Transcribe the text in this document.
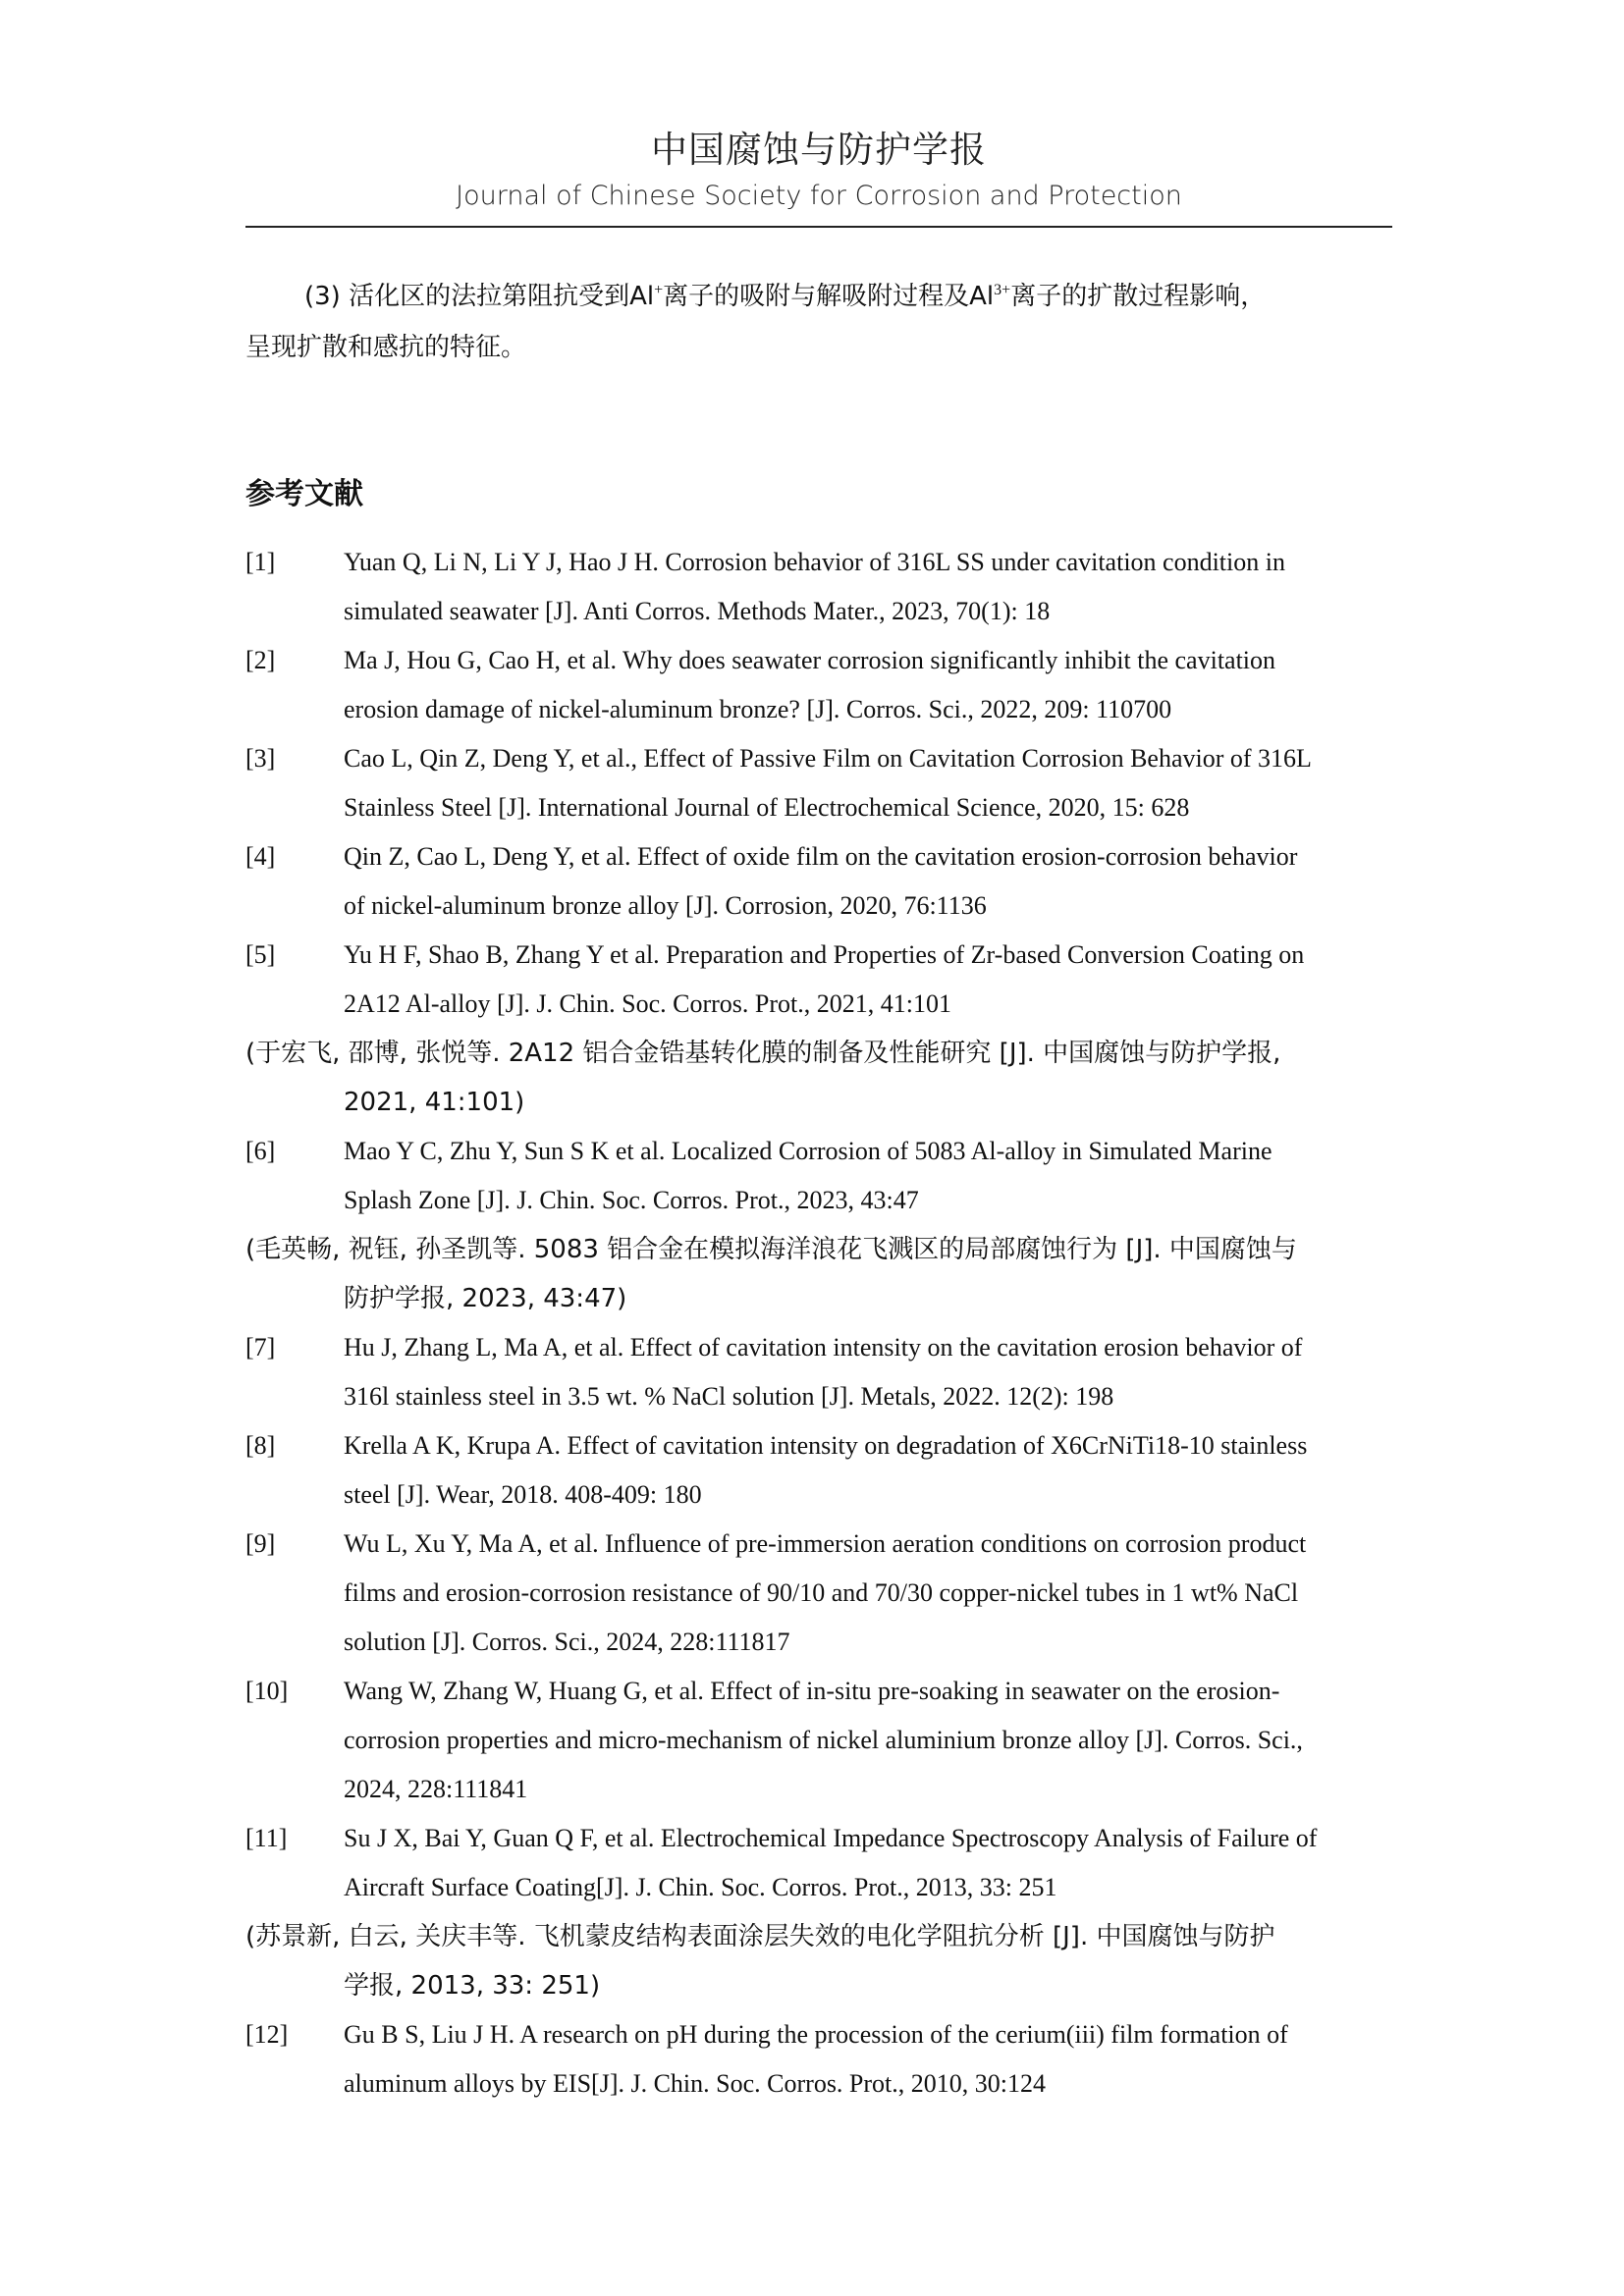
中国腐蚀与防护学报
Journal of Chinese Society for Corrosion and Protection

(3) 活化区的法拉第阻抗受到Al+离子的吸附与解吸附过程及$Al^{3+}$离子的扩散过程影响，

呈现扩散和感抗的特征。

参考文献
[1]	Yuan Q, Li N, Li Y J, Hao J H. Corrosion behavior of 316L SS under cavitation condition in
simulated seawater [J]. Anti Corros. Methods Mater., 2023, 70(1): 18
[2]	Ma J, Hou G, Cao H, et al. Why does seawater corrosion significantly inhibit the cavitation
erosion damage of nickel-aluminum bronze? [J]. Corros. Sci., 2022, 209: 110700
[3]	Cao L, Qin Z, Deng Y, et al., Effect of Passive Film on Cavitation Corrosion Behavior of 316L
Stainless Steel [J]. International Journal of Electrochemical Science, 2020, 15: 628
[4]	Qin Z, Cao L, Deng Y, et al. Effect of oxide film on the cavitation erosion-corrosion behavior
of nickel-aluminum bronze alloy [J]. Corrosion, 2020, 76:1136
[5]	Yu H F, Shao B, Zhang Y et al. Preparation and Properties of Zr-based Conversion Coating on
2A12 Al-alloy [J]. J. Chin. Soc. Corros. Prot., 2021, 41:101
(于宏飞, 邵博, 张悦等. 2A12 铝合金锆基转化膜的制备及性能研究 [J]. 中国腐蚀与防护学报,
2021, 41:101)
[6]	Mao Y C, Zhu Y, Sun S K et al. Localized Corrosion of 5083 Al-alloy in Simulated Marine
Splash Zone [J]. J. Chin. Soc. Corros. Prot., 2023, 43:47
(毛英畅, 祝钰, 孙圣凯等. 5083 铝合金在模拟海洋浪花飞溅区的局部腐蚀行为 [J]. 中国腐蚀与
防护学报, 2023, 43:47)
[7]	Hu J, Zhang L, Ma A, et al. Effect of cavitation intensity on the cavitation erosion behavior of
316l stainless steel in 3.5 wt. % NaCl solution [J]. Metals, 2022. 12(2): 198
[8]	Krella A K, Krupa A. Effect of cavitation intensity on degradation of X6CrNiTi18-10 stainless
steel [J]. Wear, 2018. 408-409: 180
[9]	Wu L, Xu Y, Ma A, et al. Influence of pre-immersion aeration conditions on corrosion product
films and erosion-corrosion resistance of 90/10 and 70/30 copper-nickel tubes in 1 wt% NaCl
solution [J]. Corros. Sci., 2024, 228:111817
[10]	Wang W, Zhang W, Huang G, et al. Effect of in-situ pre-soaking in seawater on the erosion-
corrosion properties and micro-mechanism of nickel aluminium bronze alloy [J]. Corros. Sci.,
2024, 228:111841
[11]	Su J X, Bai Y, Guan Q F, et al. Electrochemical Impedance Spectroscopy Analysis of Failure of
Aircraft Surface Coating[J]. J. Chin. Soc. Corros. Prot., 2013, 33: 251
(苏景新, 白云, 关庆丰等. 飞机蒙皮结构表面涂层失效的电化学阻抗分析 [J]. 中国腐蚀与防护
学报, 2013, 33: 251)
[12]	Gu B S, Liu J H. A research on pH during the procession of the cerium(iii) film formation of
aluminum alloys by EIS[J]. J. Chin. Soc. Corros. Prot., 2010, 30:124
